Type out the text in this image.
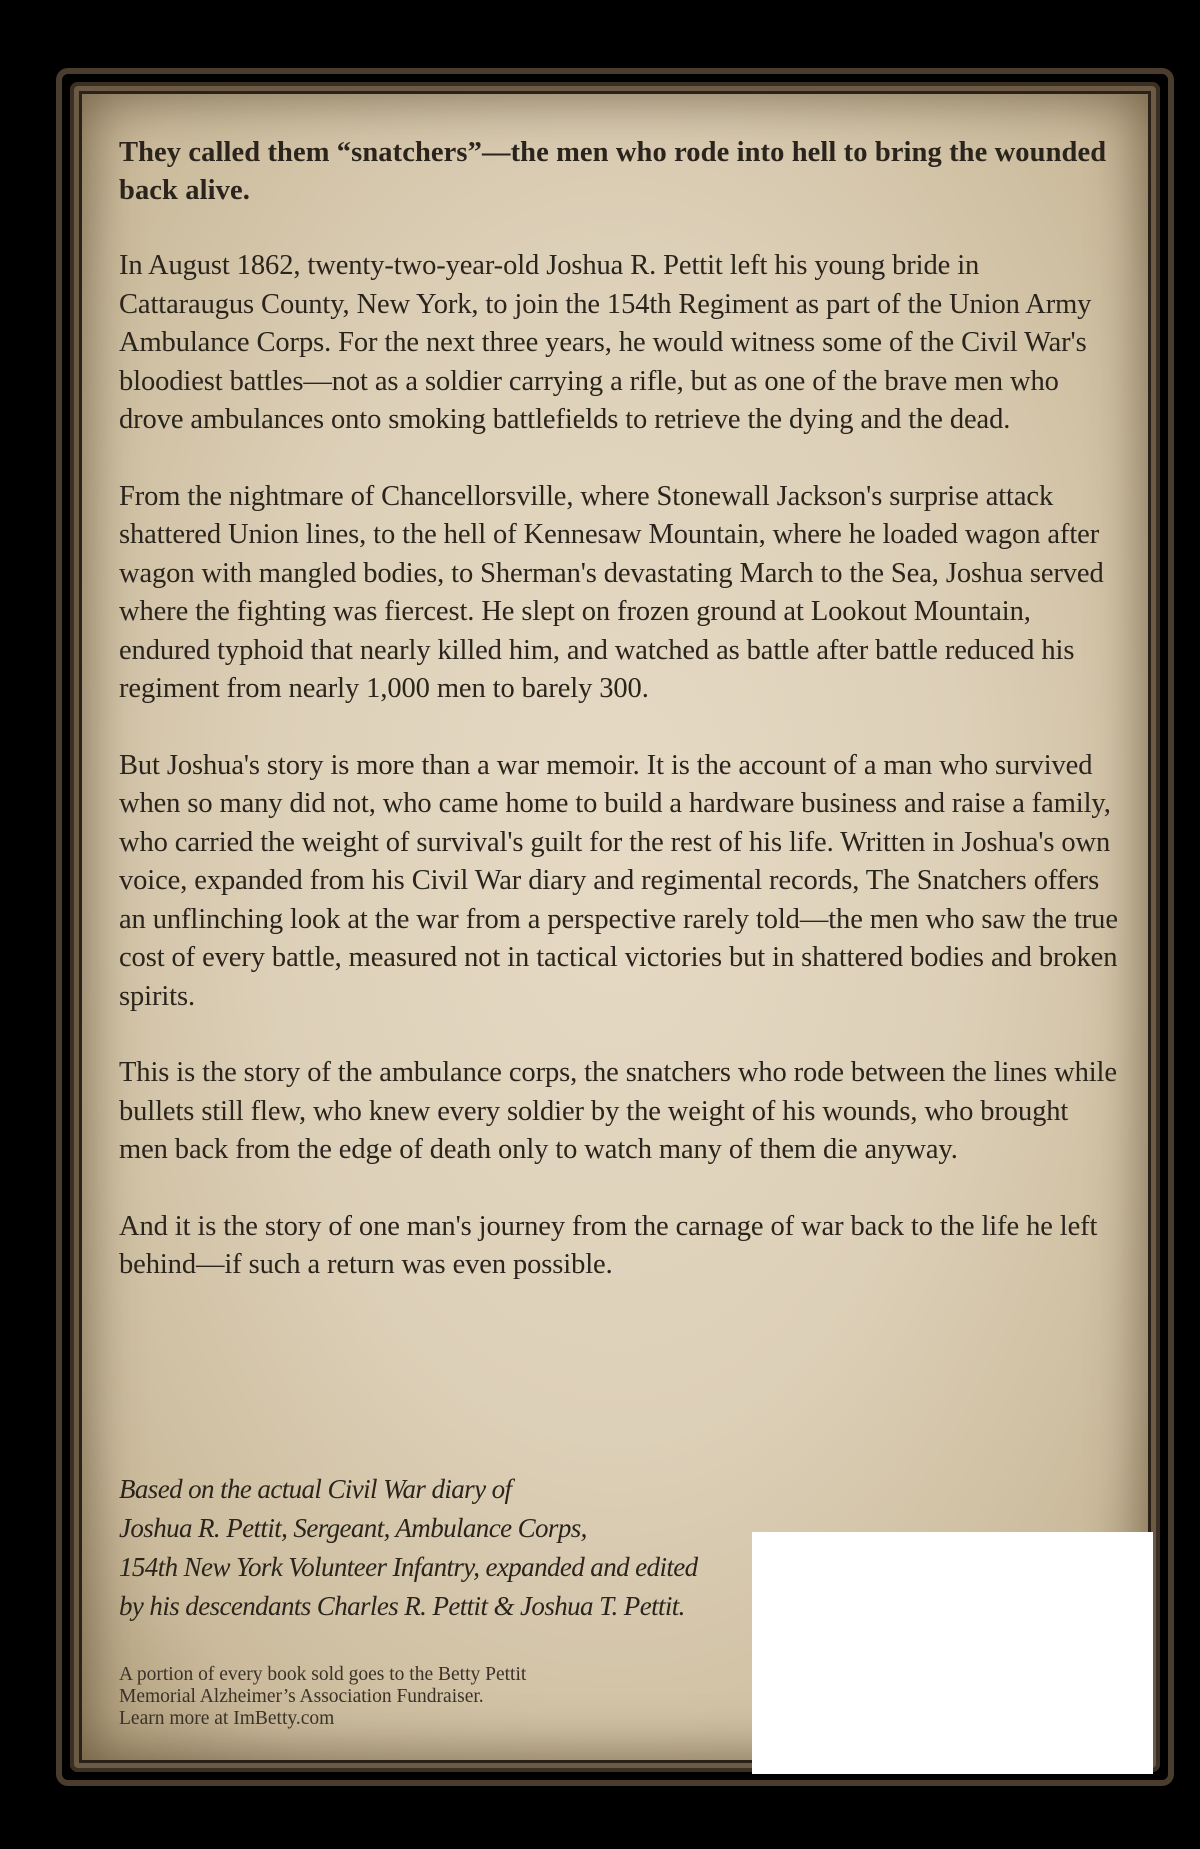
They called them “snatchers”—the men who rode into hell to bring the wounded back alive.

In August 1862, twenty-two-year-old Joshua R. Pettit left his young bride in Cattaraugus County, New York, to join the 154th Regiment as part of the Union Army Ambulance Corps. For the next three years, he would witness some of the Civil War's bloodiest battles—not as a soldier carrying a rifle, but as one of the brave men who drove ambulances onto smoking battlefields to retrieve the dying and the dead.

From the nightmare of Chancellorsville, where Stonewall Jackson's surprise attack shattered Union lines, to the hell of Kennesaw Mountain, where he loaded wagon after wagon with mangled bodies, to Sherman's devastating March to the Sea, Joshua served where the fighting was fiercest. He slept on frozen ground at Lookout Mountain, endured typhoid that nearly killed him, and watched as battle after battle reduced his regiment from nearly 1,000 men to barely 300.

But Joshua's story is more than a war memoir. It is the account of a man who survived when so many did not, who came home to build a hardware business and raise a family, who carried the weight of survival's guilt for the rest of his life. Written in Joshua's own voice, expanded from his Civil War diary and regimental records, The Snatchers offers an unflinching look at the war from a perspective rarely told—the men who saw the true cost of every battle, measured not in tactical victories but in shattered bodies and broken spirits.

This is the story of the ambulance corps, the snatchers who rode between the lines while bullets still flew, who knew every soldier by the weight of his wounds, who brought men back from the edge of death only to watch many of them die anyway.

And it is the story of one man's journey from the carnage of war back to the life he left behind—if such a return was even possible.

Based on the actual Civil War diary of
Joshua R. Pettit, Sergeant, Ambulance Corps,
154th New York Volunteer Infantry, expanded and edited
by his descendants Charles R. Pettit & Joshua T. Pettit.

A portion of every book sold goes to the Betty Pettit
Memorial Alzheimer’s Association Fundraiser.
Learn more at ImBetty.com
